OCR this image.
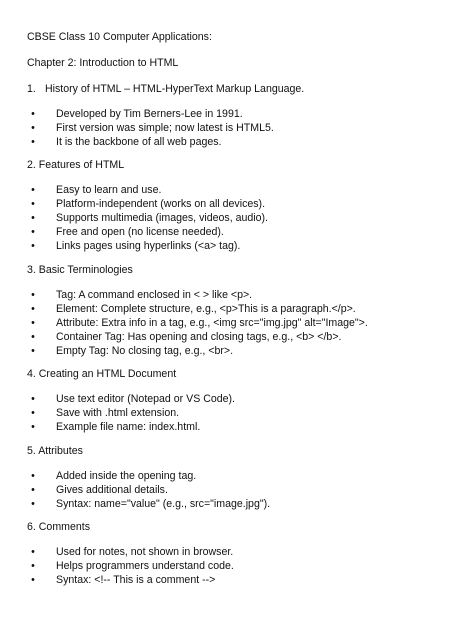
CBSE Class 10 Computer Applications:
Chapter 2: Introduction to HTML
1. History of HTML – HTML-HyperText Markup Language.
• Developed by Tim Berners-Lee in 1991.
• First version was simple; now latest is HTML5.
• It is the backbone of all web pages.
2. Features of HTML
• Easy to learn and use.
• Platform-independent (works on all devices).
• Supports multimedia (images, videos, audio).
• Free and open (no license needed).
• Links pages using hyperlinks (<a> tag).
3. Basic Terminologies
• Tag: A command enclosed in < > like <p>.
• Element: Complete structure, e.g., <p>This is a paragraph.</p>.
• Attribute: Extra info in a tag, e.g., <img src="img.jpg" alt="Image">.
• Container Tag: Has opening and closing tags, e.g., <b> </b>.
• Empty Tag: No closing tag, e.g., <br>.
4. Creating an HTML Document
• Use text editor (Notepad or VS Code).
• Save with .html extension.
• Example file name: index.html.
5. Attributes
• Added inside the opening tag.
• Gives additional details.
• Syntax: name="value" (e.g., src="image.jpg").
6. Comments
• Used for notes, not shown in browser.
• Helps programmers understand code.
• Syntax: <!-- This is a comment -->
